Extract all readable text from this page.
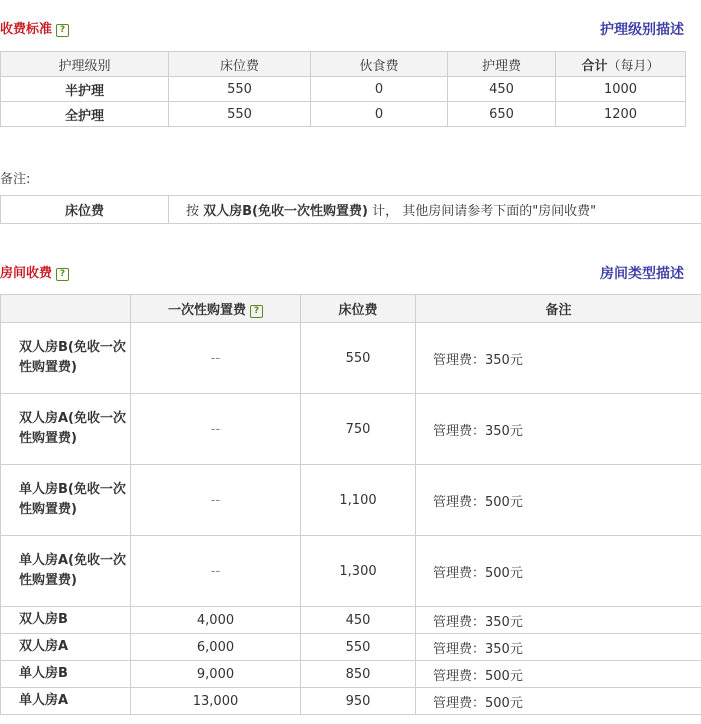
收费标准 ?	护理级别描述
护理级别	床位费	伙食费	护理费	合计（每月）
半护理	550	0	450	1000
全护理	550	0	650	1200
备注:
床位费	按 双人房B(免收一次性购置费) 计， 其他房间请参考下面的"房间收费"
房间收费 ?	房间类型描述
	一次性购置费 ?	床位费	备注
双人房B(免收一次性购置费)	--	550	管理费：350元
双人房A(免收一次性购置费)	--	750	管理费：350元
单人房B(免收一次性购置费)	--	1,100	管理费：500元
单人房A(免收一次性购置费)	--	1,300	管理费：500元
双人房B	4,000	450	管理费：350元
双人房A	6,000	550	管理费：350元
单人房B	9,000	850	管理费：500元
单人房A	13,000	950	管理费：500元
